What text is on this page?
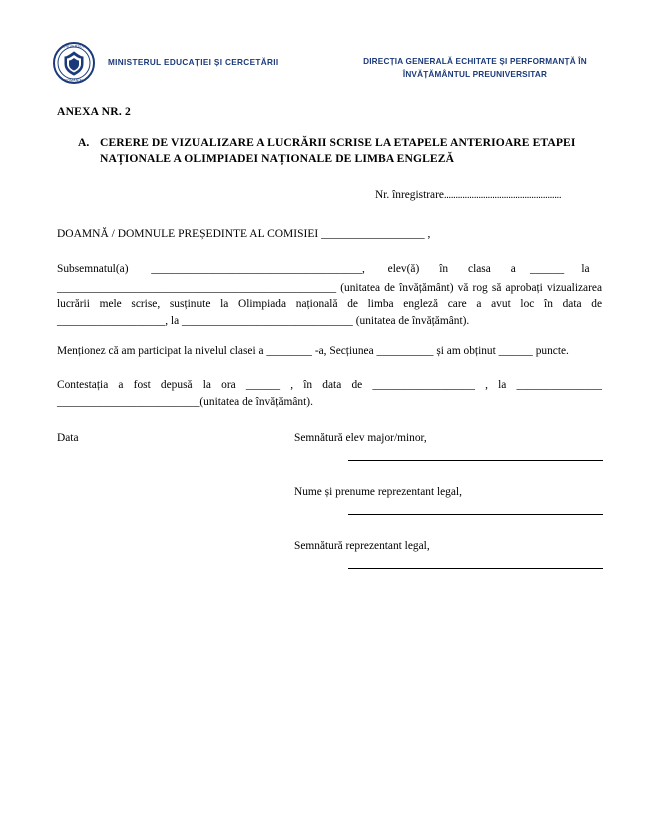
UNIVERSUL
ROMÂNIEI
MINISTERUL EDUCAȚIEI ȘI CERCETĂRII	DIRECȚIA GENERALĂ ECHITATE ȘI PERFORMANȚĂ ÎN
ÎNVĂȚĂMÂNTUL PREUNIVERSITAR
ANEXA NR. 2
A. CERERE DE VIZUALIZARE A LUCRĂRII SCRISE LA ETAPELE ANTERIOARE ETAPEI NAȚIONALE A OLIMPIADEI NAȚIONALE DE LIMBA ENGLEZĂ
Nr. înregistrare...................................................
DOAMNĂ / DOMNULE PREȘEDINTE AL COMISIEI __________________ ,
Subsemnatul(a) _____________________________________, elev(ă) în clasa a ______ la
_________________________________________________ (unitatea de învățământ) vă rog să aprobați vizualizarea lucrării mele scrise, susținute la Olimpiada națională de limba engleză care a avut loc în data de ___________________, la ______________________________ (unitatea de învățământ).
Menționez că am participat la nivelul clasei a ________ -a, Secțiunea __________ și am obținut ______ puncte.
Contestația a fost depusă la ora ______ , în data de __________________ , la _______________ _________________________(unitatea de învățământ).
Data	Semnătură elev major/minor,
Nume și prenume reprezentant legal,
Semnătură reprezentant legal,
